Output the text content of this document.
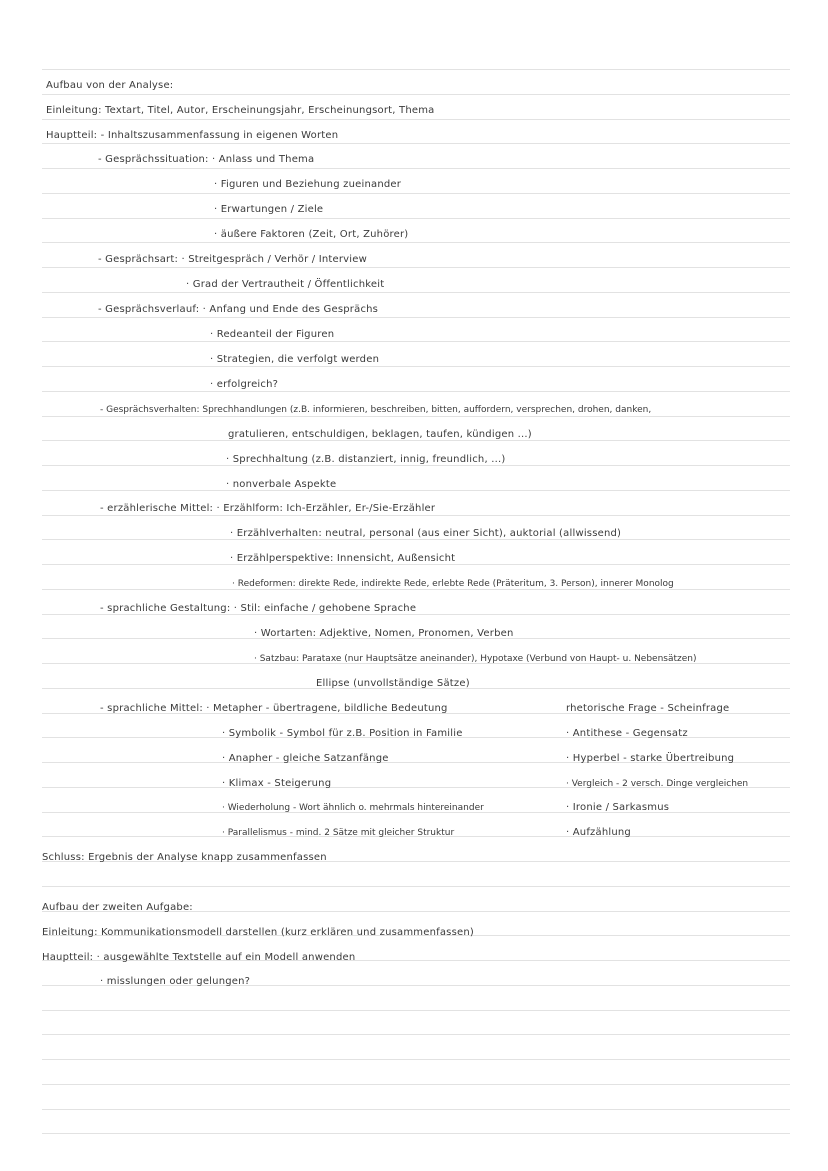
Aufbau von der Analyse:
Einleitung: Textart, Titel, Autor, Erscheinungsjahr, Erscheinungsort, Thema
Hauptteil: - Inhaltszusammenfassung in eigenen Worten
- Gesprächssituation: · Anlass und Thema
· Figuren und Beziehung zueinander
· Erwartungen / Ziele
· äußere Faktoren (Zeit, Ort, Zuhörer)
- Gesprächsart: · Streitgespräch / Verhör / Interview
· Grad der Vertrautheit / Öffentlichkeit
- Gesprächsverlauf: · Anfang und Ende des Gesprächs
· Redeanteil der Figuren
· Strategien, die verfolgt werden
· erfolgreich?
- Gesprächsverhalten: Sprechhandlungen (z.B. informieren, beschreiben, bitten, auffordern, versprechen, drohen, danken,
gratulieren, entschuldigen, beklagen, taufen, kündigen ...)
· Sprechhaltung (z.B. distanziert, innig, freundlich, ...)
· nonverbale Aspekte
- erzählerische Mittel: · Erzählform: Ich-Erzähler, Er-/Sie-Erzähler
· Erzählverhalten: neutral, personal (aus einer Sicht), auktorial (allwissend)
· Erzählperspektive: Innensicht, Außensicht
· Redeformen: direkte Rede, indirekte Rede, erlebte Rede (Präteritum, 3. Person), innerer Monolog
- sprachliche Gestaltung: · Stil: einfache / gehobene Sprache
· Wortarten: Adjektive, Nomen, Pronomen, Verben
· Satzbau: Parataxe (nur Hauptsätze aneinander), Hypotaxe (Verbund von Haupt- u. Nebensätzen)
Ellipse (unvollständige Sätze)
- sprachliche Mittel: · Metapher - übertragene, bildliche Bedeutung
· Symbolik - Symbol für z.B. Position in Familie
· Anapher - gleiche Satzanfänge
· Klimax - Steigerung
· Wiederholung - Wort ähnlich o. mehrmals hintereinander
· Parallelismus - mind. 2 Sätze mit gleicher Struktur
rhetorische Frage - Scheinfrage
· Antithese - Gegensatz
· Hyperbel - starke Übertreibung
· Vergleich - 2 versch. Dinge vergleichen
· Ironie / Sarkasmus
· Aufzählung
Schluss: Ergebnis der Analyse knapp zusammenfassen
Aufbau der zweiten Aufgabe:
Einleitung: Kommunikationsmodell darstellen (kurz erklären und zusammenfassen)
Hauptteil: · ausgewählte Textstelle auf ein Modell anwenden
· misslungen oder gelungen?
